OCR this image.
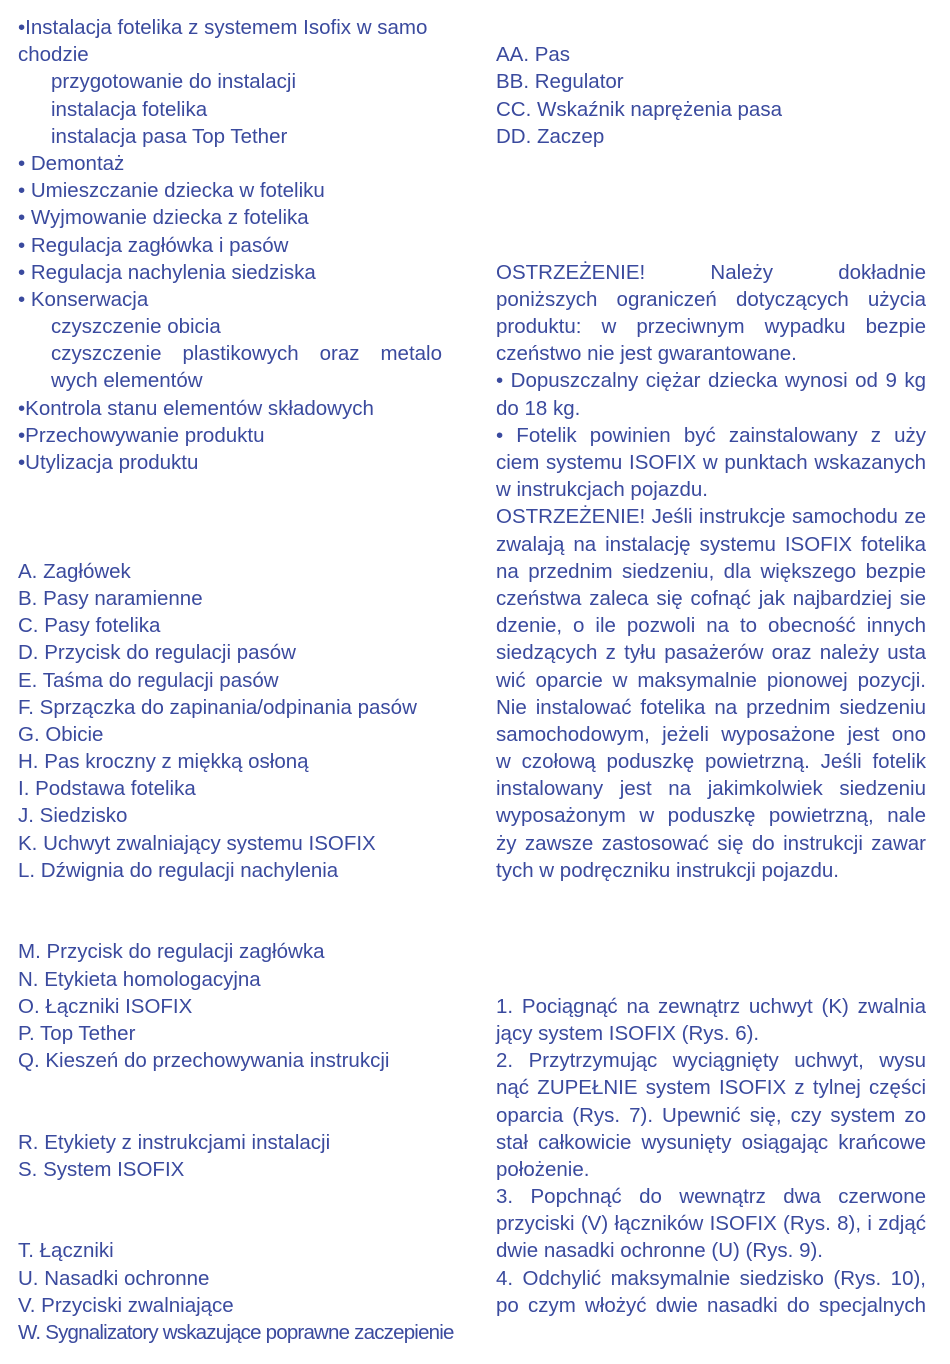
•Instalacja fotelika z systemem Isofix w samo
chodzie
przygotowanie do instalacji
instalacja fotelika
instalacja pasa Top Tether
• Demontaż
• Umieszczanie dziecka w foteliku
• Wyjmowanie dziecka z fotelika
• Regulacja zagłówka i pasów
• Regulacja nachylenia siedziska
• Konserwacja
czyszczenie obicia
czyszczenie plastikowych oraz metalo
wych elementów
•Kontrola stanu elementów składowych
•Przechowywanie produktu
•Utylizacja produktu
A. Zagłówek
B. Pasy naramienne
C. Pasy fotelika
D. Przycisk do regulacji pasów
E. Taśma do regulacji pasów
F. Sprzączka do zapinania/odpinania pasów
G. Obicie
H. Pas kroczny z miękką osłoną
I. Podstawa fotelika
J. Siedzisko
K. Uchwyt zwalniający systemu ISOFIX
L. Dźwignia do regulacji nachylenia
M. Przycisk do regulacji zagłówka
N. Etykieta homologacyjna
O. Łączniki ISOFIX
P. Top Tether
Q. Kieszeń do przechowywania instrukcji
R. Etykiety z instrukcjami instalacji
S. System ISOFIX
T. Łączniki
U. Nasadki ochronne
V. Przyciski zwalniające
W. Sygnalizatory wskazujące poprawne zaczepienie
AA. Pas
BB. Regulator
CC. Wskaźnik naprężenia pasa
DD. Zaczep
OSTRZEŻENIE! Należy dokładnie
poniższych ograniczeń dotyczących użycia
produktu: w przeciwnym wypadku bezpie
czeństwo nie jest gwarantowane.
• Dopuszczalny ciężar dziecka wynosi od 9 kg
do 18 kg.
• Fotelik powinien być zainstalowany z uży
ciem systemu ISOFIX w punktach wskazanych
w instrukcjach pojazdu.
OSTRZEŻENIE! Jeśli instrukcje samochodu ze
zwalają na instalację systemu ISOFIX fotelika
na przednim siedzeniu, dla większego bezpie
czeństwa zaleca się cofnąć jak najbardziej sie
dzenie, o ile pozwoli na to obecność innych
siedzących z tyłu pasażerów oraz należy usta
wić oparcie w maksymalnie pionowej pozycji.
Nie instalować fotelika na przednim siedzeniu
samochodowym, jeżeli wyposażone jest ono
w czołową poduszkę powietrzną. Jeśli fotelik
instalowany jest na jakimkolwiek siedzeniu
wyposażonym w poduszkę powietrzną, nale
ży zawsze zastosować się do instrukcji zawar
tych w podręczniku instrukcji pojazdu.
1. Pociągnąć na zewnątrz uchwyt (K) zwalnia
jący system ISOFIX (Rys. 6).
2. Przytrzymując wyciągnięty uchwyt, wysu
nąć ZUPEŁNIE system ISOFIX z tylnej części
oparcia (Rys. 7). Upewnić się, czy system zo
stał całkowicie wysunięty osiągając krańcowe
położenie.
3. Popchnąć do wewnątrz dwa czerwone
przyciski (V) łączników ISOFIX (Rys. 8), i zdjąć
dwie nasadki ochronne (U) (Rys. 9).
4. Odchylić maksymalnie siedzisko (Rys. 10),
po czym włożyć dwie nasadki do specjalnych
